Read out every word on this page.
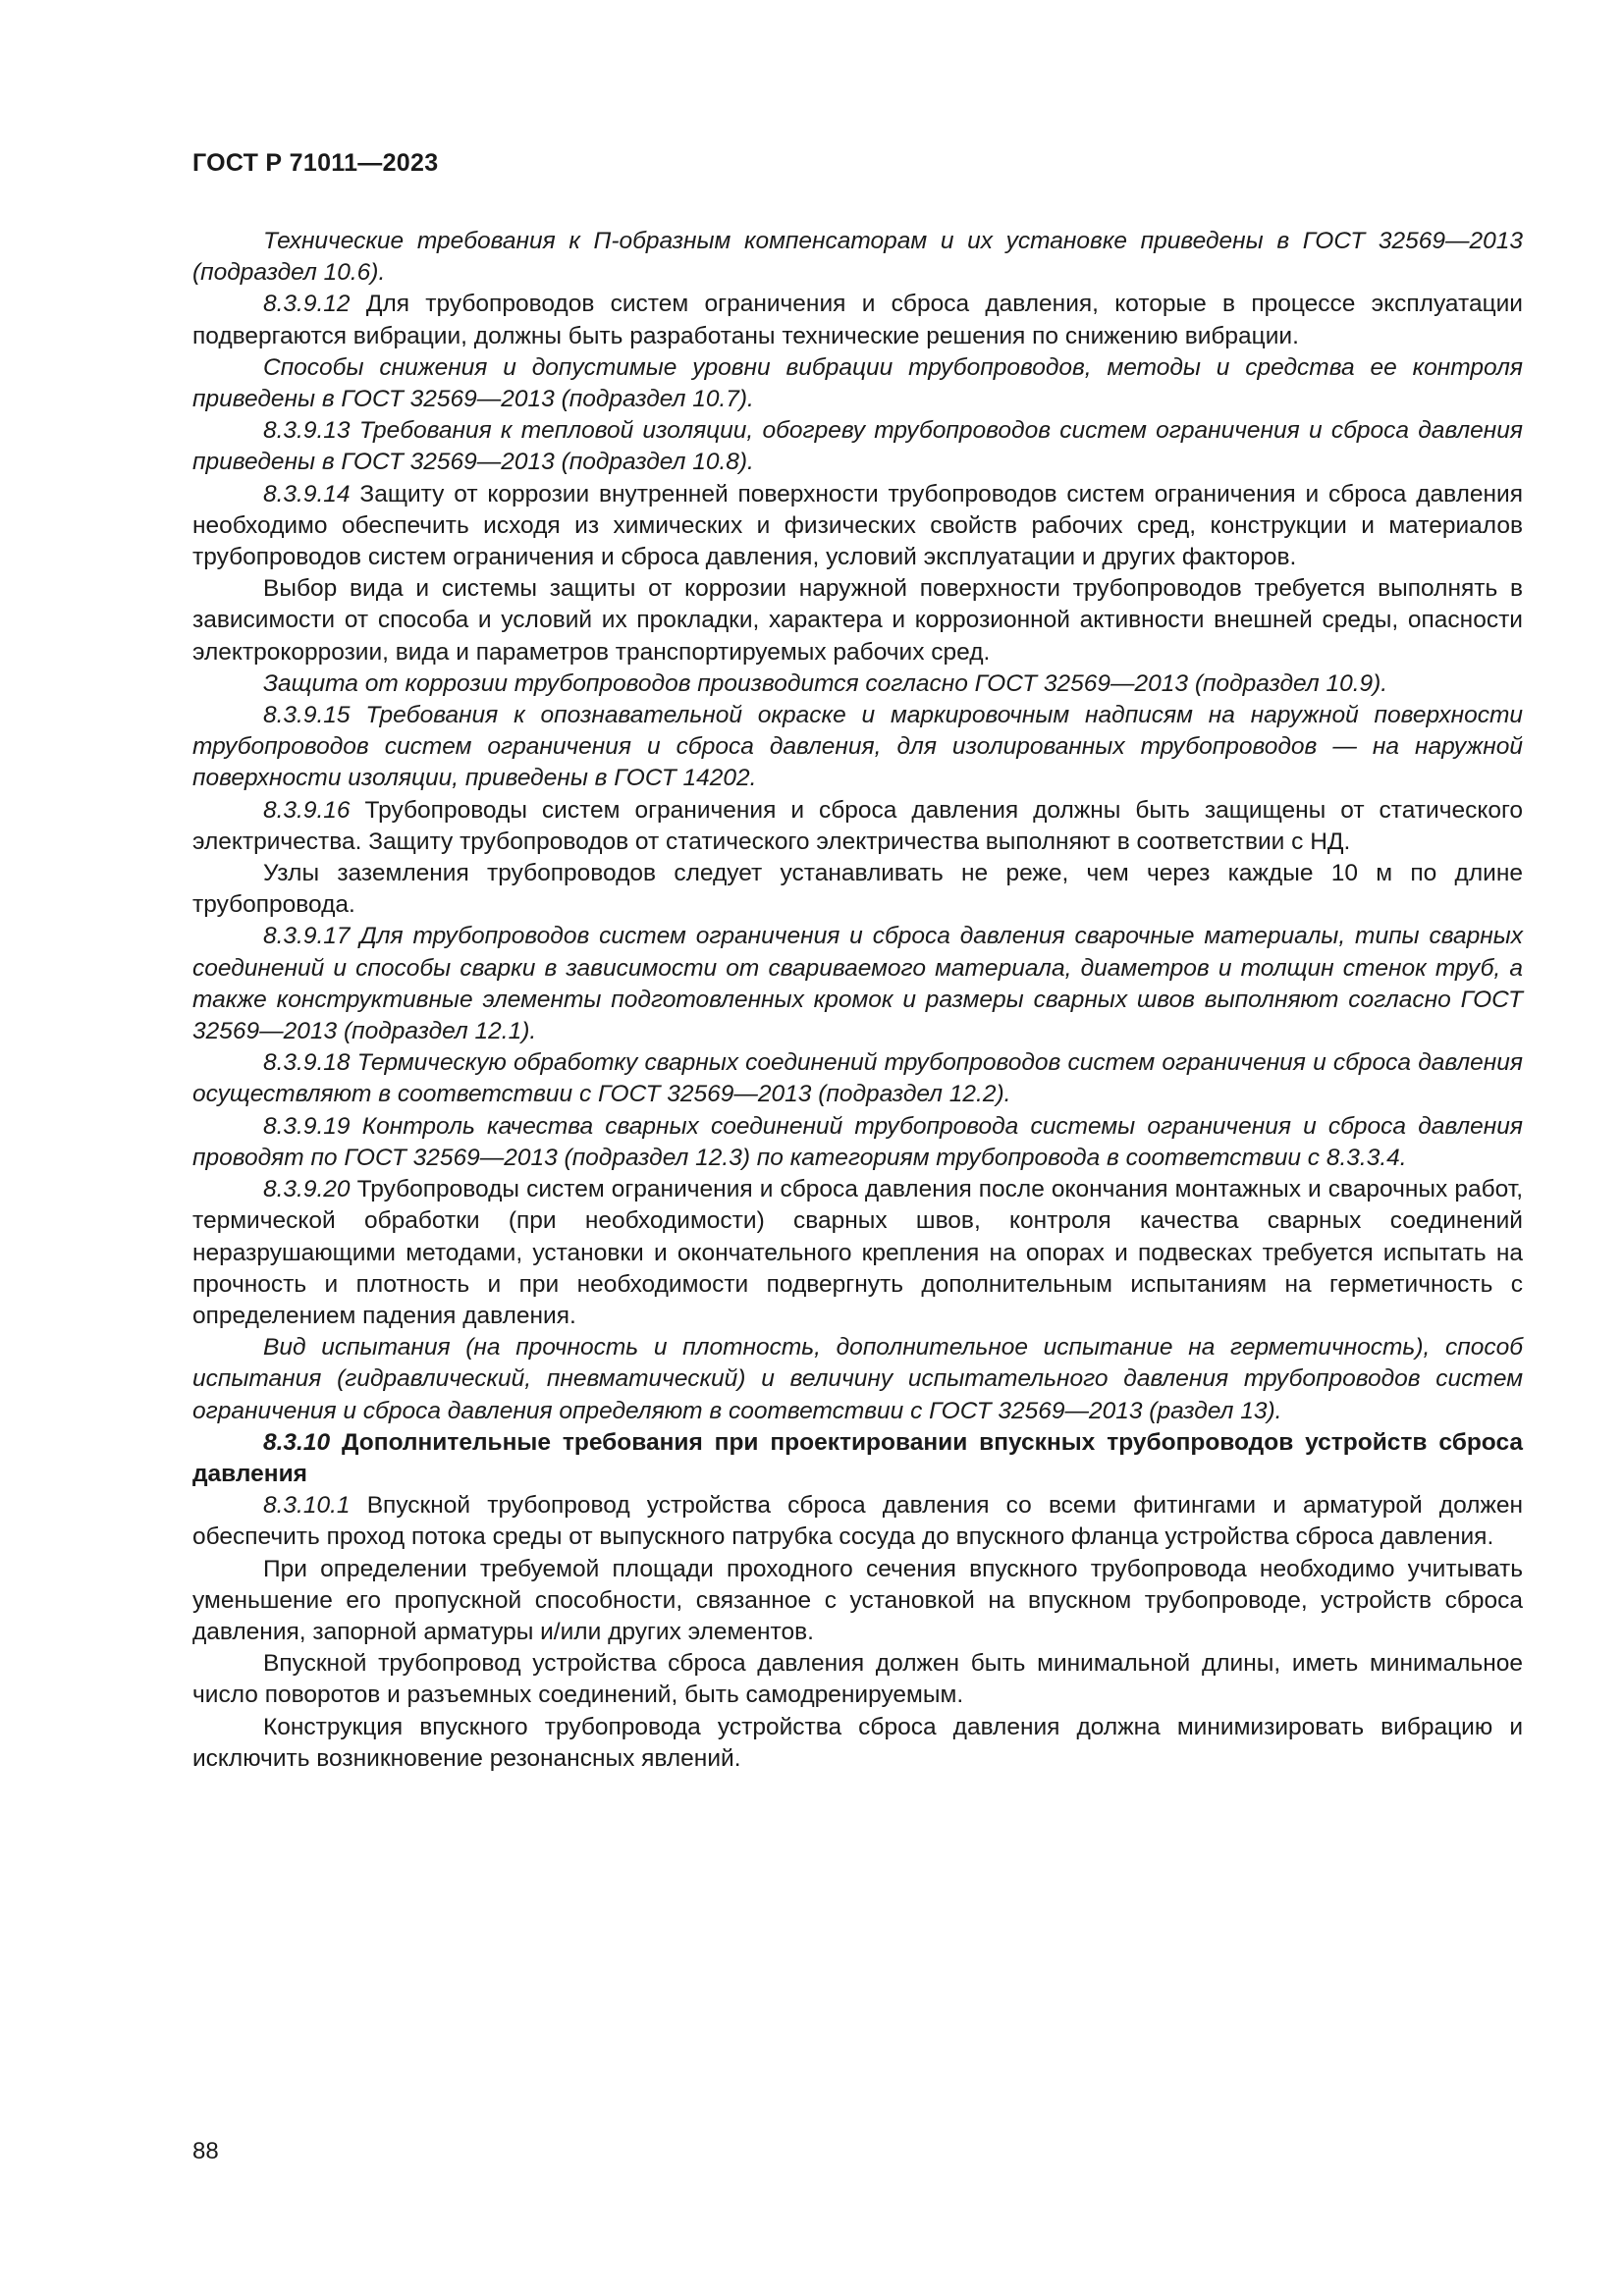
ГОСТ Р 71011—2023

Технические требования к П-образным компенсаторам и их установке приведены в ГОСТ 32569—2013 (подраздел 10.6).

8.3.9.12 Для трубопроводов систем ограничения и сброса давления, которые в процессе эксплуатации подвергаются вибрации, должны быть разработаны технические решения по снижению вибрации.

Способы снижения и допустимые уровни вибрации трубопроводов, методы и средства ее контроля приведены в ГОСТ 32569—2013 (подраздел 10.7).

8.3.9.13 Требования к тепловой изоляции, обогреву трубопроводов систем ограничения и сброса давления приведены в ГОСТ 32569—2013 (подраздел 10.8).

8.3.9.14 Защиту от коррозии внутренней поверхности трубопроводов систем ограничения и сброса давления необходимо обеспечить исходя из химических и физических свойств рабочих сред, конструкции и материалов трубопроводов систем ограничения и сброса давления, условий эксплуатации и других факторов.

Выбор вида и системы защиты от коррозии наружной поверхности трубопроводов требуется выполнять в зависимости от способа и условий их прокладки, характера и коррозионной активности внешней среды, опасности электрокоррозии, вида и параметров транспортируемых рабочих сред.

Защита от коррозии трубопроводов производится согласно ГОСТ 32569—2013 (подраздел 10.9).

8.3.9.15 Требования к опознавательной окраске и маркировочным надписям на наружной поверхности трубопроводов систем ограничения и сброса давления, для изолированных трубопроводов — на наружной поверхности изоляции, приведены в ГОСТ 14202.

8.3.9.16 Трубопроводы систем ограничения и сброса давления должны быть защищены от статического электричества. Защиту трубопроводов от статического электричества выполняют в соответствии с НД.

Узлы заземления трубопроводов следует устанавливать не реже, чем через каждые 10 м по длине трубопровода.

8.3.9.17 Для трубопроводов систем ограничения и сброса давления сварочные материалы, типы сварных соединений и способы сварки в зависимости от свариваемого материала, диаметров и толщин стенок труб, а также конструктивные элементы подготовленных кромок и размеры сварных швов выполняют согласно ГОСТ 32569—2013 (подраздел 12.1).

8.3.9.18 Термическую обработку сварных соединений трубопроводов систем ограничения и сброса давления осуществляют в соответствии с ГОСТ 32569—2013 (подраздел 12.2).

8.3.9.19 Контроль качества сварных соединений трубопровода системы ограничения и сброса давления проводят по ГОСТ 32569—2013 (подраздел 12.3) по категориям трубопровода в соответствии с 8.3.3.4.

8.3.9.20 Трубопроводы систем ограничения и сброса давления после окончания монтажных и сварочных работ, термической обработки (при необходимости) сварных швов, контроля качества сварных соединений неразрушающими методами, установки и окончательного крепления на опорах и подвесках требуется испытать на прочность и плотность и при необходимости подвергнуть дополнительным испытаниям на герметичность с определением падения давления.

Вид испытания (на прочность и плотность, дополнительное испытание на герметичность), способ испытания (гидравлический, пневматический) и величину испытательного давления трубопроводов систем ограничения и сброса давления определяют в соответствии с ГОСТ 32569—2013 (раздел 13).

8.3.10 Дополнительные требования при проектировании впускных трубопроводов устройств сброса давления

8.3.10.1 Впускной трубопровод устройства сброса давления со всеми фитингами и арматурой должен обеспечить проход потока среды от выпускного патрубка сосуда до впускного фланца устройства сброса давления.

При определении требуемой площади проходного сечения впускного трубопровода необходимо учитывать уменьшение его пропускной способности, связанное с установкой на впускном трубопроводе, устройств сброса давления, запорной арматуры и/или других элементов.

Впускной трубопровод устройства сброса давления должен быть минимальной длины, иметь минимальное число поворотов и разъемных соединений, быть самодренируемым.

Конструкция впускного трубопровода устройства сброса давления должна минимизировать вибрацию и исключить возникновение резонансных явлений.

88
